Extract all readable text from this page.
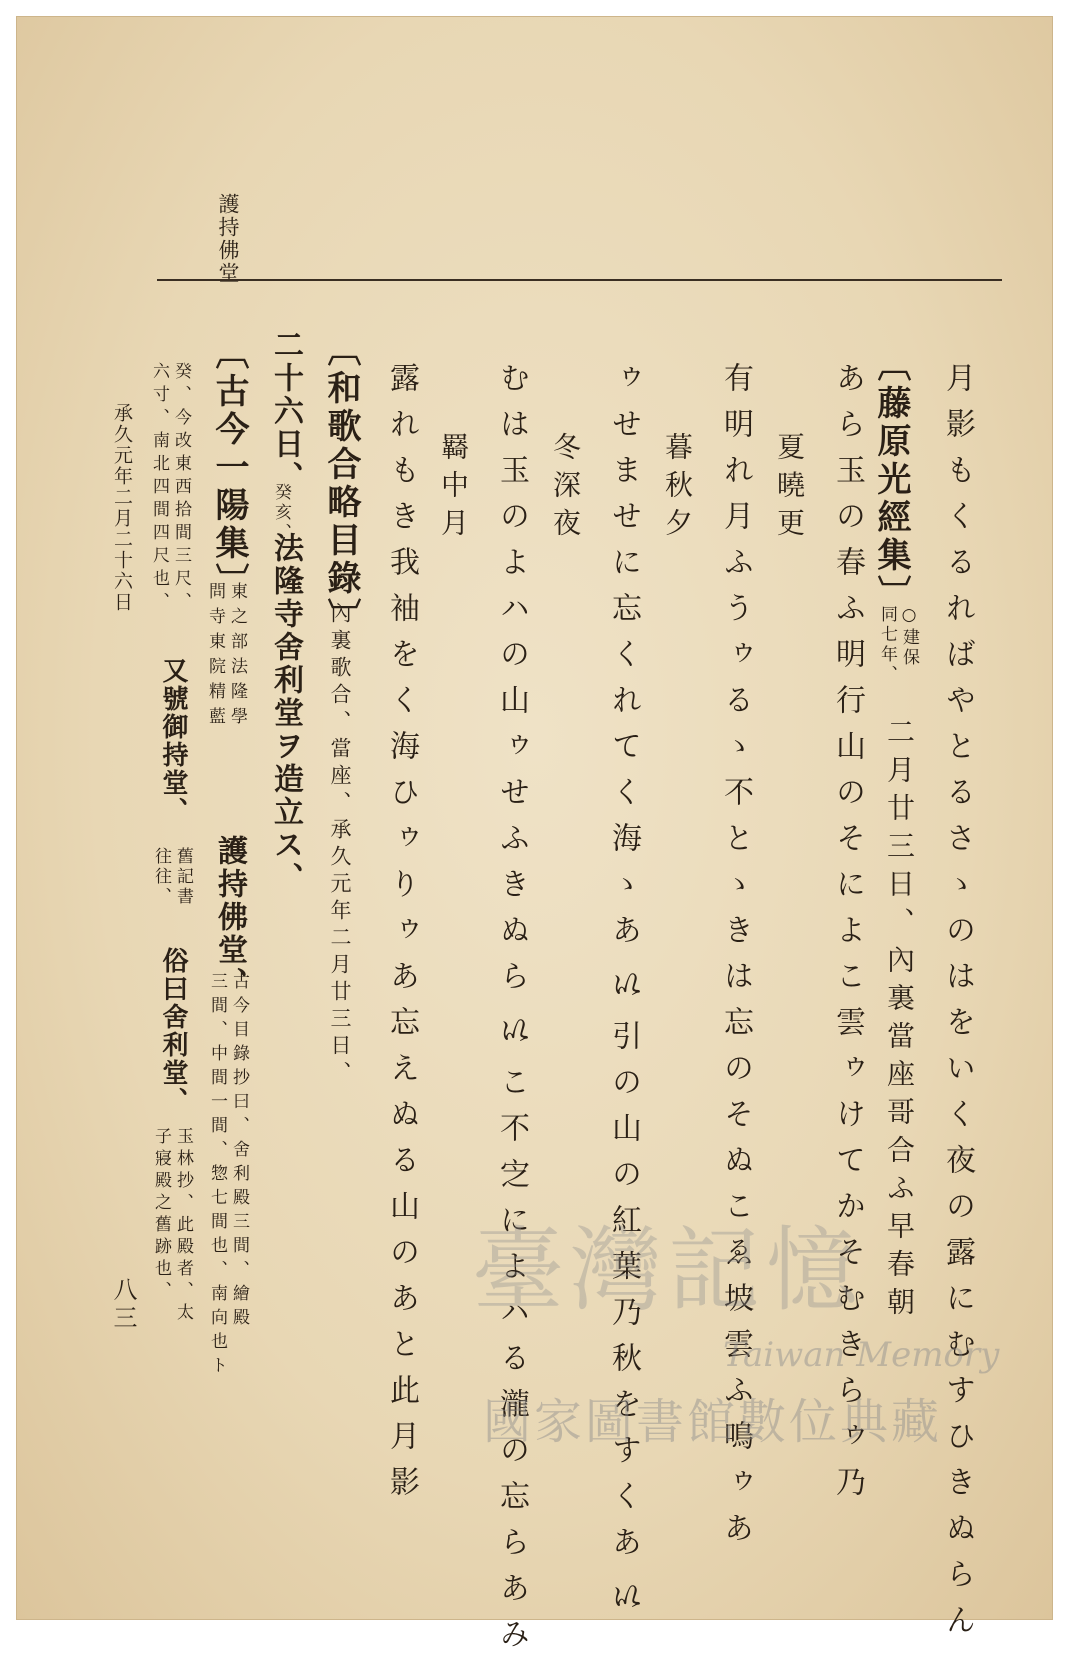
護持佛堂
月影もくるればやとるさゝのはをいく夜の露にむすひきぬらん
〔藤原光經集〕
○建保
同七年、
二月廿三日、內裏當座哥合ふ早春朝
あら玉の春ふ明行山のそによこ雲ゥけてかそむきらゥ乃
夏曉更
有明れ月ふうゥるゝ不とゝきは忘のそぬこゑ坡雲ふ鳴ゥあ
暮秋夕
ゥせませに忘くれてく海ゝあ𛀆引の山の紅葉乃秋をすくあ𛀆
冬深夜
むは玉のよハの山ゥせふきぬら𛀆こ不㝎によハる瀧の忘らあみ
羇中月
露れもき我袖をく海ひゥりゥあ忘えぬる山のあと此月影
〔和歌合略目錄〕
內裏歌合、當座、承久元年二月廿三日、
二十六日、
癸亥、
法隆寺舍利堂ヲ造立ス、
〔古今一陽集〕
東之部法隆學
問寺東院精藍
護持佛堂、
古今目錄抄曰、舍利殿三間、繪殿
三間、中間一間、惣七間也、南向也ト
癸、今改東西拾間三尺、
六寸、南北四間四尺也、
又號御持堂、
舊記書
往往、
俗曰舍利堂、
玉林抄、此殿者、太
子寢殿之舊跡也、
承久元年二月二十六日
八三	臺灣記憶
Taiwan Memory
國家圖書館數位典藏
